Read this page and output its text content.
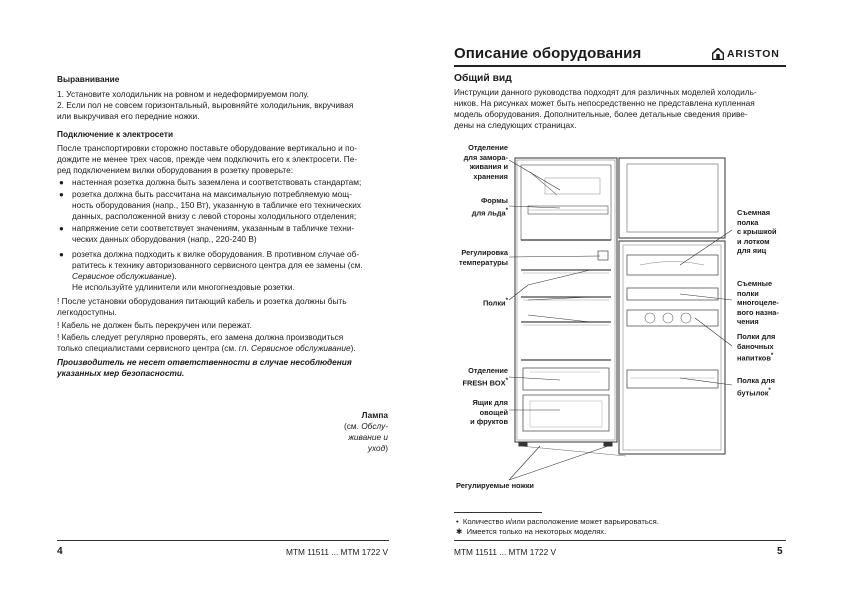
Выравнивание
1. Установите холодильник на ровном и недеформируемом полу.
2. Если пол не совсем горизонтальный, выровняйте холодильник, вкручивая
или выкручивая его передние ножки.
Подключение к электросети
После транспортировки сторожно поставьте оборудование вертикально и по-
дождите не менее трех часов, прежде чем подключить его к электросети. Пе-
ред подключением вилки оборудования в розетку проверьте:
● настенная розетка должна быть заземлена и соответствовать стандартам;
● розетка должна быть рассчитана на максимальную потребляемую мощ-
ность оборудования (напр., 150 Вт), указанную в табличке его технических
данных, расположенной внизу с левой стороны холодильного отделения;
● напряжение сети соответствует значениям, указанным в табличке техни-
ческих данных оборудования (напр., 220-240 В)
● розетка должна подходить к вилке оборудования. В противном случае об-
ратитесь к технику авторизованного сервисного центра для ее замены (см.
Сервисное обслуживание).
Не используйте удлинители или многогнездовые розетки.
! После установки оборудования питающий кабель и розетка должны быть
легкодоступны.
! Кабель не должен быть перекручен или пережат.
! Кабель следует регулярно проверять, его замена должна производиться
только специалистами сервисного центра (см. гл. Сервисное обслуживание).
Производитель не несет ответственности в случае несоблюдения
указанных мер безопасности.
Лампа
(см. Обслу-
живание и
уход)
4	MTM 11511 ... MTM 1722 V
Описание оборудования	ARISTON
Общий вид
Инструкции данного руководства подходят для различных моделей холодиль-
ников. На рисунках может быть непосредственно не представлена купленная
модель оборудования. Дополнительные, более детальные сведения приве-
дены на следующих страницах.
Отделение
для замора-
живания и
хранения
Формы
для льда*
Регулировка
температуры
Полки*
Отделение
FRESH BOX*
Ящик для
овощей
и фруктов
Регулируемые ножки
Съемная
полка
с крышкой
и лотком
для яиц
Съемные
полки
многоцеле-
вого назна-
чения
Полки для
баночных
напитков*
Полка для
бутылок*
• Количество и/или расположение может варьироваться.
✱ Имеется только на некоторых моделях.
MTM 11511 ... MTM 1722 V	5
